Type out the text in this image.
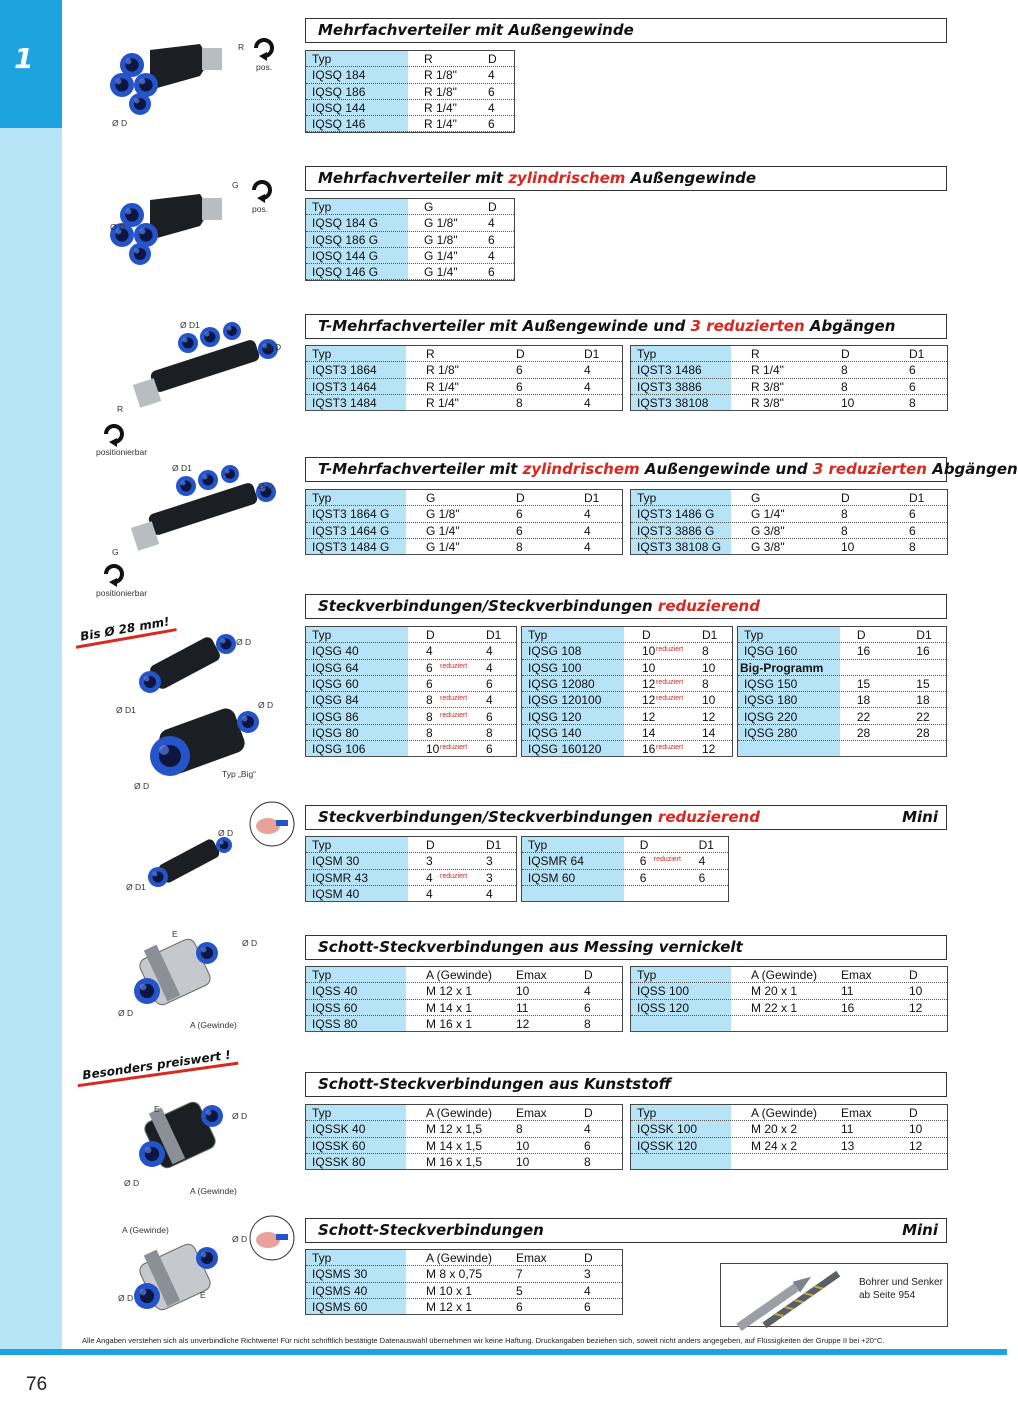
1
Mehrfachverteiler mit Außengewinde
Typ	R	D
IQSQ 184	R 1/8"	4
IQSQ 186	R 1/8"	6
IQSQ 144	R 1/4"	4
IQSQ 146	R 1/4"	6
Mehrfachverteiler mit zylindrischem Außengewinde
Typ	G	D
IQSQ 184 G	G 1/8"	4
IQSQ 186 G	G 1/8"	6
IQSQ 144 G	G 1/4"	4
IQSQ 146 G	G 1/4"	6
T-Mehrfachverteiler mit Außengewinde und 3 reduzierten Abgängen
Typ	R	D	D1
IQST3 1864	R 1/8"	6	4
IQST3 1464	R 1/4"	6	4
IQST3 1484	R 1/4"	8	4
Typ	R	D	D1
IQST3 1486	R 1/4"	8	6
IQST3 3886	R 3/8"	8	6
IQST3 38108	R 3/8"	10	8
T-Mehrfachverteiler mit zylindrischem Außengewinde und 3 reduzierten Abgängen
Typ	G	D	D1
IQST3 1864 G	G 1/8"	6	4
IQST3 1464 G	G 1/4"	6	4
IQST3 1484 G	G 1/4"	8	4
Typ	G	D	D1
IQST3 1486 G	G 1/4"	8	6
IQST3 3886 G	G 3/8"	8	6
IQST3 38108 G G 3/8"	10	8
Steckverbindungen/Steckverbindungen reduzierend
Typ	D	D1
IQSG 40	4	4
IQSG 64	6 reduziert 4
IQSG 60	6	6
IQSG 84	8 reduziert 4
IQSG 86	8 reduziert 6
IQSG 80	8	8
IQSG 106	10 reduziert 6
Typ	D	D1
IQSG 108	10 reduziert 8
IQSG 100	10	10
IQSG 12080	12 reduziert 8
IQSG 120100	12 reduziert 10
IQSG 120	12	12
IQSG 140	14	14
IQSG 160120	16 reduziert 12
Typ	D	D1
IQSG 160	16	16
Big-Programm
IQSG 150	15	15
IQSG 180	18	18
IQSG 220	22	22
IQSG 280	28	28
Steckverbindungen/Steckverbindungen reduzierend	Mini
Typ	D	D1
IQSM 30	3	3
IQSMR 43	4 reduziert 3
IQSM 40	4	4
Typ	D	D1
IQSMR 64	6 reduziert 4
IQSM 60	6	6
Schott-Steckverbindungen aus Messing vernickelt
Typ	A (Gewinde) Emax	D
IQSS 40	M 12 x 1	10	4
IQSS 60	M 14 x 1	11	6
IQSS 80	M 16 x 1	12	8
Typ	A (Gewinde) Emax	D
IQSS 100	M 20 x 1	11	10
IQSS 120	M 22 x 1	16	12
Schott-Steckverbindungen aus Kunststoff
Typ	A (Gewinde) Emax	D
IQSSK 40	M 12 x 1,5	8	4
IQSSK 60	M 14 x 1,5	10	6
IQSSK 80	M 16 x 1,5	10	8
Typ	A (Gewinde) Emax	D
IQSSK 100	M 20 x 2	11	10
IQSSK 120	M 24 x 2	13	12
Schott-Steckverbindungen	Mini
Typ	A (Gewinde) Emax	D
IQSMS 30	M 8 x 0,75	7	3
IQSMS 40	M 10 x 1	5	4
IQSMS 60	M 12 x 1	6	6
R
pos.
Ø D
G
pos.
Ø D
Ø D1
Ø D
R
positionierbar
Ø D1
Ø D
G
positionierbar
Ø D
Ø D1	Ø D
Ø D
Typ „Big“
Ø D
Ø D1
Ø D
Ø D
A (Gewinde)
E
Ø D
Ø D
A (Gewinde)
E
A (Gewinde)
Ø D
Ø D	E
Bis Ø 28 mm!
Besonders preiswert !
Alle Angaben verstehen sich als unverbindliche Richtwerte! Für nicht schriftlich bestätigte Datenauswahl übernehmen wir keine Haftung. Druckangaben beziehen sich, soweit nicht anders angegeben, auf Flüssigkeiten der Gruppe II bei +20°C.
76
Bohrer und Senker
ab Seite 954
